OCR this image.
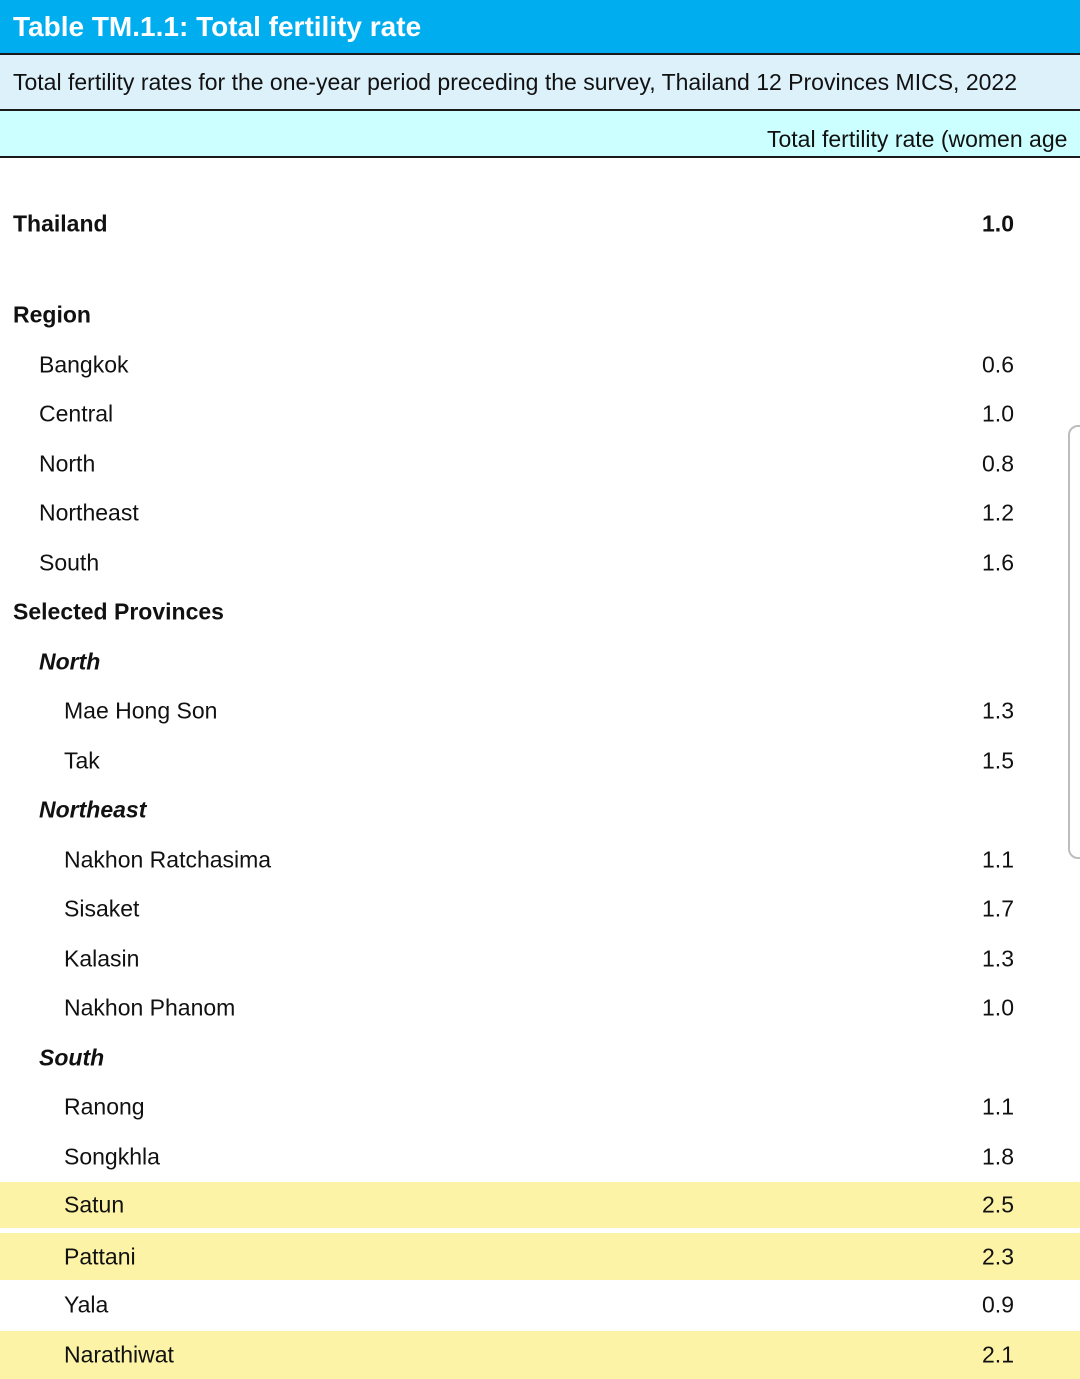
Table TM.1.1: Total fertility rate
Total fertility rates for the one-year period preceding the survey, Thailand 12 Provinces MICS, 2022
Total fertility rate (women age
Thailand	1.0
Region
Bangkok	0.6
Central	1.0
North	0.8
Northeast	1.2
South	1.6
Selected Provinces
North
Mae Hong Son	1.3
Tak	1.5
Northeast
Nakhon Ratchasima	1.1
Sisaket	1.7
Kalasin	1.3
Nakhon Phanom	1.0
South
Ranong	1.1
Songkhla	1.8
Satun	2.5
Pattani	2.3
Yala	0.9
Narathiwat	2.1
